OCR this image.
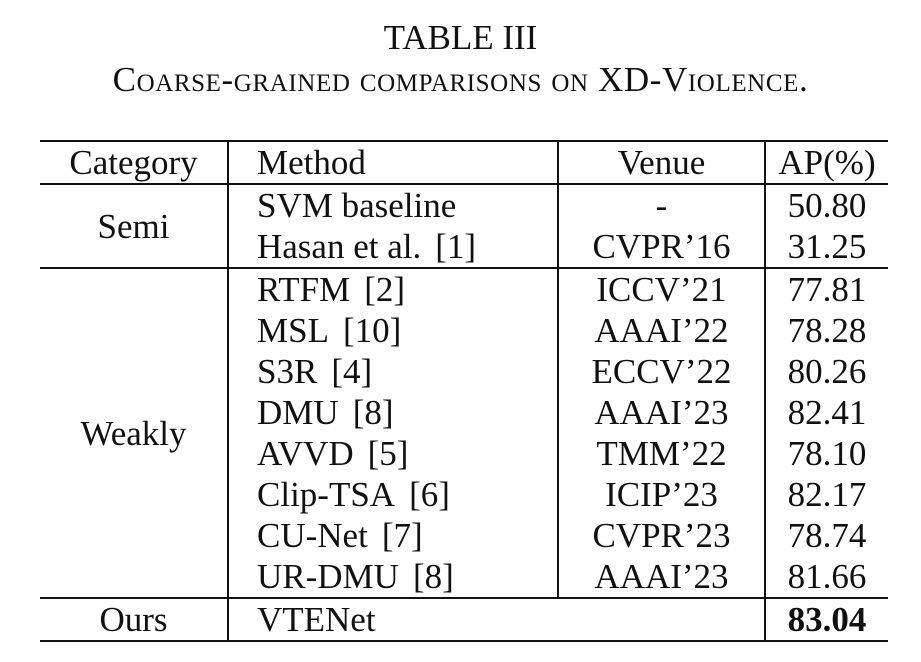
TABLE III
Coarse-grained comparisons on XD-Violence.
Category	Method	Venue	AP(%)
Semi	SVM baseline	-	50.80
	Hasan et al. [1]	CVPR’16	31.25
Weakly	RTFM [2]	ICCV’21	77.81
	MSL [10]	AAAI’22	78.28
	S3R [4]	ECCV’22	80.26
	DMU [8]	AAAI’23	82.41
	AVVD [5]	TMM’22	78.10
	Clip-TSA [6]	ICIP’23	82.17
	CU-Net [7]	CVPR’23	78.74
	UR-DMU [8]	AAAI’23	81.66
Ours	VTENet		83.04
